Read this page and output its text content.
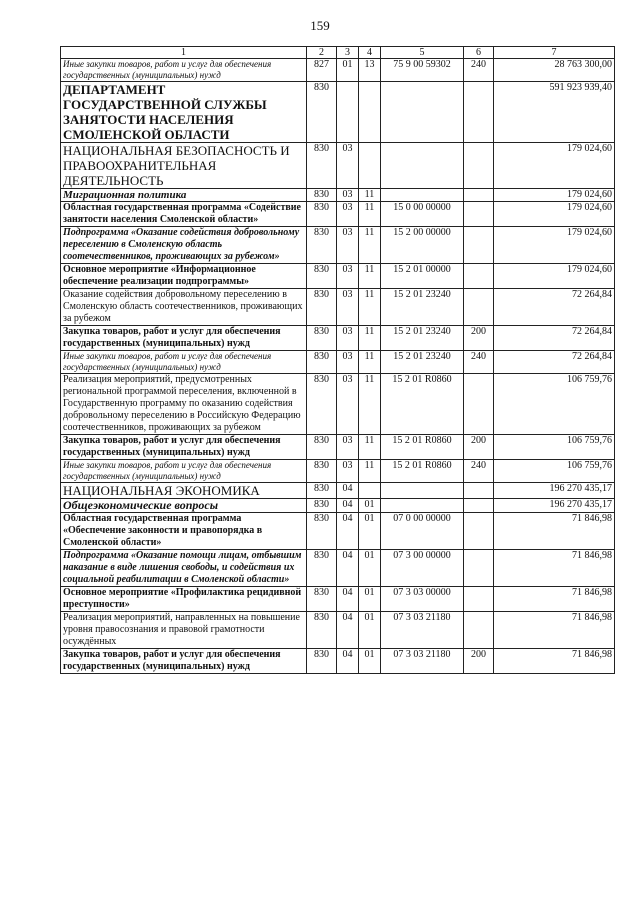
159
1	2	3	4	5	6	7
Иные закупки товаров, работ и услуг для обеспечения государственных (муниципальных) нужд	827	01	13	75 9 00 59302	240	28 763 300,00
ДЕПАРТАМЕНТ ГОСУДАРСТВЕННОЙ СЛУЖБЫ ЗАНЯТОСТИ НАСЕЛЕНИЯ СМОЛЕНСКОЙ ОБЛАСТИ	830					591 923 939,40
НАЦИОНАЛЬНАЯ БЕЗОПАСНОСТЬ И ПРАВООХРАНИТЕЛЬНАЯ ДЕЯТЕЛЬНОСТЬ	830	03				179 024,60
Миграционная политика	830	03	11			179 024,60
Областная государственная программа «Содействие занятости населения Смоленской области»	830	03	11	15 0 00 00000		179 024,60
Подпрограмма «Оказание содействия добровольному переселению в Смоленскую область соотечественников, проживающих за рубежом»	830	03	11	15 2 00 00000		179 024,60
Основное мероприятие «Информационное обеспечение реализации подпрограммы»	830	03	11	15 2 01 00000		179 024,60
Оказание содействия добровольному переселению в Смоленскую область соотечественников, проживающих за рубежом	830	03	11	15 2 01 23240		72 264,84
Закупка товаров, работ и услуг для обеспечения государственных (муниципальных) нужд	830	03	11	15 2 01 23240	200	72 264,84
Иные закупки товаров, работ и услуг для обеспечения государственных (муниципальных) нужд	830	03	11	15 2 01 23240	240	72 264,84
Реализация мероприятий, предусмотренных региональной программой переселения, включенной в Государственную программу по оказанию содействия добровольному переселению в Российскую Федерацию соотечественников, проживающих за рубежом	830	03	11	15 2 01 R0860		106 759,76
Закупка товаров, работ и услуг для обеспечения государственных (муниципальных) нужд	830	03	11	15 2 01 R0860	200	106 759,76
Иные закупки товаров, работ и услуг для обеспечения государственных (муниципальных) нужд	830	03	11	15 2 01 R0860	240	106 759,76
НАЦИОНАЛЬНАЯ ЭКОНОМИКА	830	04				196 270 435,17
Общеэкономические вопросы	830	04	01			196 270 435,17
Областная государственная программа «Обеспечение законности и правопорядка в Смоленской области»	830	04	01	07 0 00 00000		71 846,98
Подпрограмма «Оказание помощи лицам, отбывшим наказание в виде лишения свободы, и содействия их социальной реабилитации в Смоленской области»	830	04	01	07 3 00 00000		71 846,98
Основное мероприятие «Профилактика рецидивной преступности»	830	04	01	07 3 03 00000		71 846,98
Реализация мероприятий, направленных на повышение уровня правосознания и правовой грамотности осуждённых	830	04	01	07 3 03 21180		71 846,98
Закупка товаров, работ и услуг для обеспечения государственных (муниципальных) нужд	830	04	01	07 3 03 21180	200	71 846,98
